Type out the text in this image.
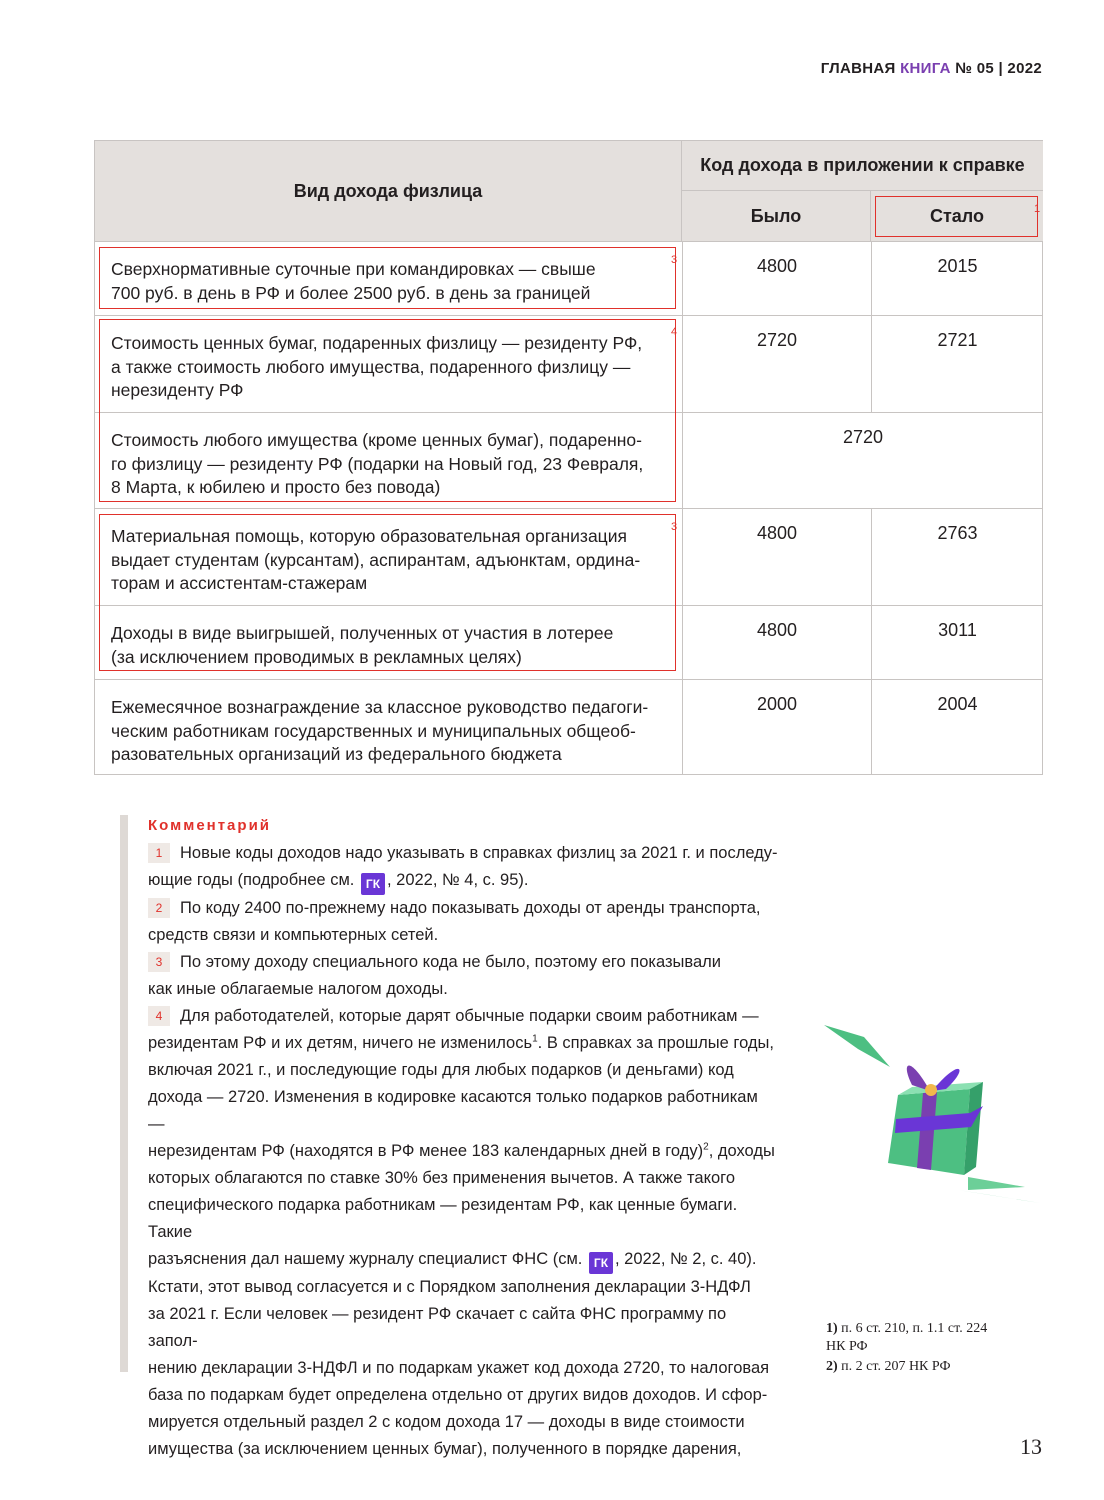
ГЛАВНАЯ КНИГА № 05 | 2022
Вид дохода физлица
Код дохода в приложении к справке
Было	Стало
Сверхнормативные суточные при командировках — свыше
700 руб. в день в РФ и более 2500 руб. в день за границей
4800	2015
Стоимость ценных бумаг, подаренных физлицу — резиденту РФ,
а также стоимость любого имущества, подаренного физлицу —
нерезиденту РФ
2720	2721
Стоимость любого имущества (кроме ценных бумаг), подаренно-
го физлицу — резиденту РФ (подарки на Новый год, 23 Февраля,
8 Марта, к юбилею и просто без повода)
2720
Материальная помощь, которую образовательная организация
выдает студентам (курсантам), аспирантам, адъюнктам, ордина-
торам и ассистентам-стажерам
4800	2763
Доходы в виде выигрышей, полученных от участия в лотерее
(за исключением проводимых в рекламных целях)
4800	3011
Ежемесячное вознаграждение за классное руководство педагоги-
ческим работникам государственных и муниципальных общеоб-
разовательных организаций из федерального бюджета
2000	2004
1
3
4
3
Комментарий
1 Новые коды доходов надо указывать в справках физлиц за 2021 г. и последу-
ющие годы (подробнее см. ГК , 2022, № 4, с. 95).
2 По коду 2400 по-прежнему надо показывать доходы от аренды транспорта,
средств связи и компьютерных сетей.
3 По этому доходу специального кода не было, поэтому его показывали
как иные облагаемые налогом доходы.
4 Для работодателей, которые дарят обычные подарки своим работникам —
резидентам РФ и их детям, ничего не изменилось$^1$. В справках за прошлые годы,
включая 2021 г., и последующие годы для любых подарков (и деньгами) код
дохода — 2720. Изменения в кодировке касаются только подарков работникам —
нерезидентам РФ (находятся в РФ менее 183 календарных дней в году)$^2$, доходы
которых облагаются по ставке 30% без применения вычетов. А также такого
специфического подарка работникам — резидентам РФ, как ценные бумаги. Такие
разъяснения дал нашему журналу специалист ФНС (см. ГК , 2022, № 2, с. 40).
Кстати, этот вывод согласуется и с Порядком заполнения декларации 3-НДФЛ
за 2021 г. Если человек — резидент РФ скачает с сайта ФНС программу по запол-
нению декларации 3-НДФЛ и по подаркам укажет код дохода 2720, то налоговая
база по подаркам будет определена отдельно от других видов доходов. И сфор-
мируется отдельный раздел 2 с кодом дохода 17 — доходы в виде стоимости
имущества (за исключением ценных бумаг), полученного в порядке дарения,
1) п. 6 ст. 210, п. 1.1 ст. 224
НК РФ
2) п. 2 ст. 207 НК РФ
13
